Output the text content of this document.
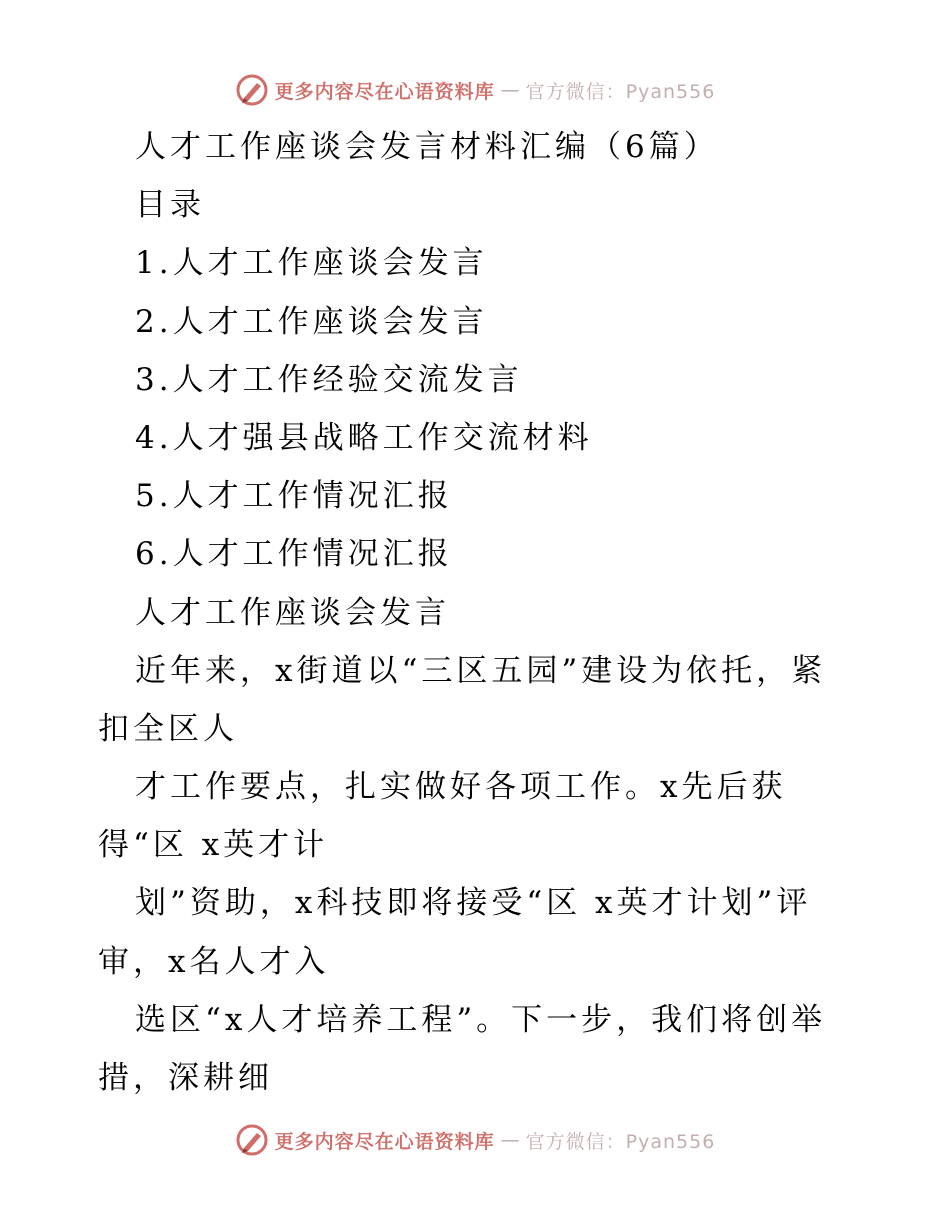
更多内容尽在心语资料库 — 官方微信：Pyan556
人才工作座谈会发言材料汇编（6篇）
目录
1.人才工作座谈会发言
2.人才工作座谈会发言
3.人才工作经验交流发言
4.人才强县战略工作交流材料
5.人才工作情况汇报
6.人才工作情况汇报
人才工作座谈会发言
近年来，x街道以“三区五园”建设为依托，紧
扣全区人
才工作要点，扎实做好各项工作。x先后获
得“区 x英才计
划”资助，x科技即将接受“区 x英才计划”评
审，x名人才入
选区“x人才培养工程”。下一步，我们将创举
措，深耕细
更多内容尽在心语资料库 — 官方微信：Pyan556
